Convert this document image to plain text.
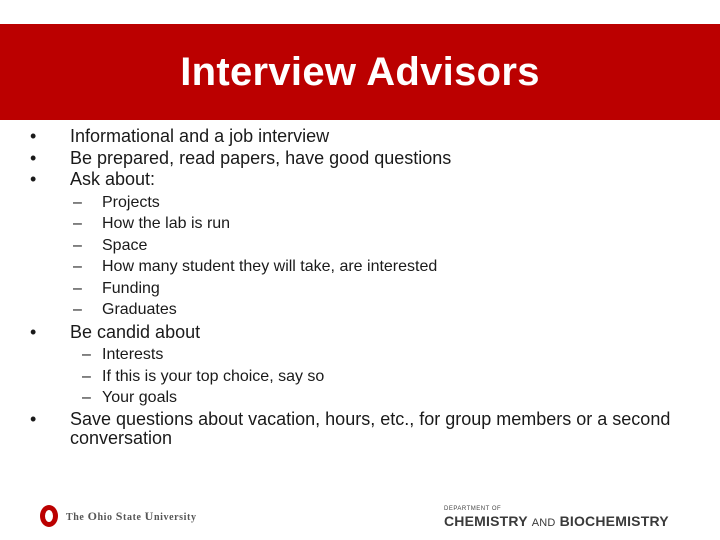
Interview Advisors

•	Informational and a job interview

•	Be prepared, read papers, have good questions

•	Ask about:

– Projects

– How the lab is run

– Space

– How many student they will take, are interested

– Funding

– Graduates

•	Be candid about

– Interests

– If this is your top choice, say so

– Your goals

•	Save questions about vacation, hours, etc., for group members or a second conversation

The Ohio State University
DEPARTMENT OF
CHEMISTRY AND BIOCHEMISTRY
